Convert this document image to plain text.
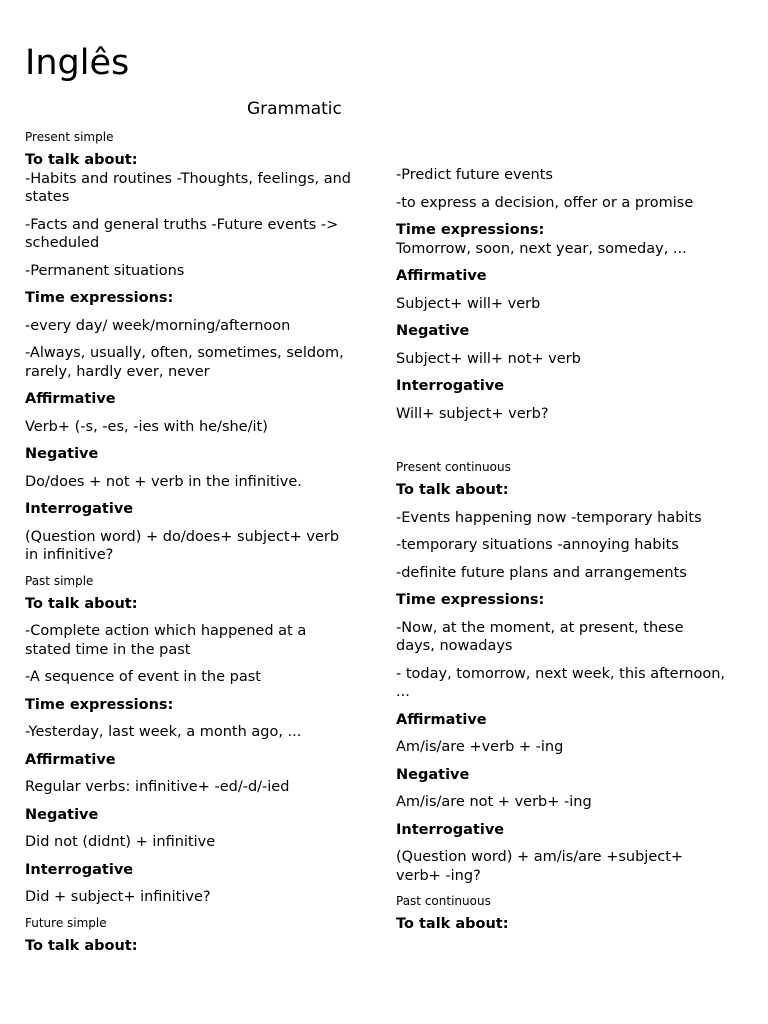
Inglês
Grammatic
Present simple
To talk about:
-Habits and routines -Thoughts, feelings, and states
-Facts and general truths -Future events -> scheduled
-Permanent situations
Time expressions:
-every day/ week/morning/afternoon
-Always, usually, often, sometimes, seldom, rarely, hardly ever, never
Affirmative
Verb+ (-s, -es, -ies with he/she/it)
Negative
Do/does + not + verb in the infinitive.
Interrogative
(Question word) + do/does+ subject+ verb in infinitive?
Past simple
To talk about:
-Complete action which happened at a stated time in the past
-A sequence of event in the past
Time expressions:
-Yesterday, last week, a month ago, ...
Affirmative
Regular verbs: infinitive+ -ed/-d/-ied
Negative
Did not (didnt) + infinitive
Interrogative
Did + subject+ infinitive?
Future simple
To talk about:
-Predict future events
-to express a decision, offer or a promise
Time expressions:
Tomorrow, soon, next year, someday, ...
Affirmative
Subject+ will+ verb
Negative
Subject+ will+ not+ verb
Interrogative
Will+ subject+ verb?
Present continuous
To talk about:
-Events happening now -temporary habits
-temporary situations -annoying habits
-definite future plans and arrangements
Time expressions:
-Now, at the moment, at present, these days, nowadays
- today, tomorrow, next week, this afternoon, ...
Affirmative
Am/is/are +verb + -ing
Negative
Am/is/are not + verb+ -ing
Interrogative
(Question word) + am/is/are +subject+ verb+ -ing?
Past continuous
To talk about:
